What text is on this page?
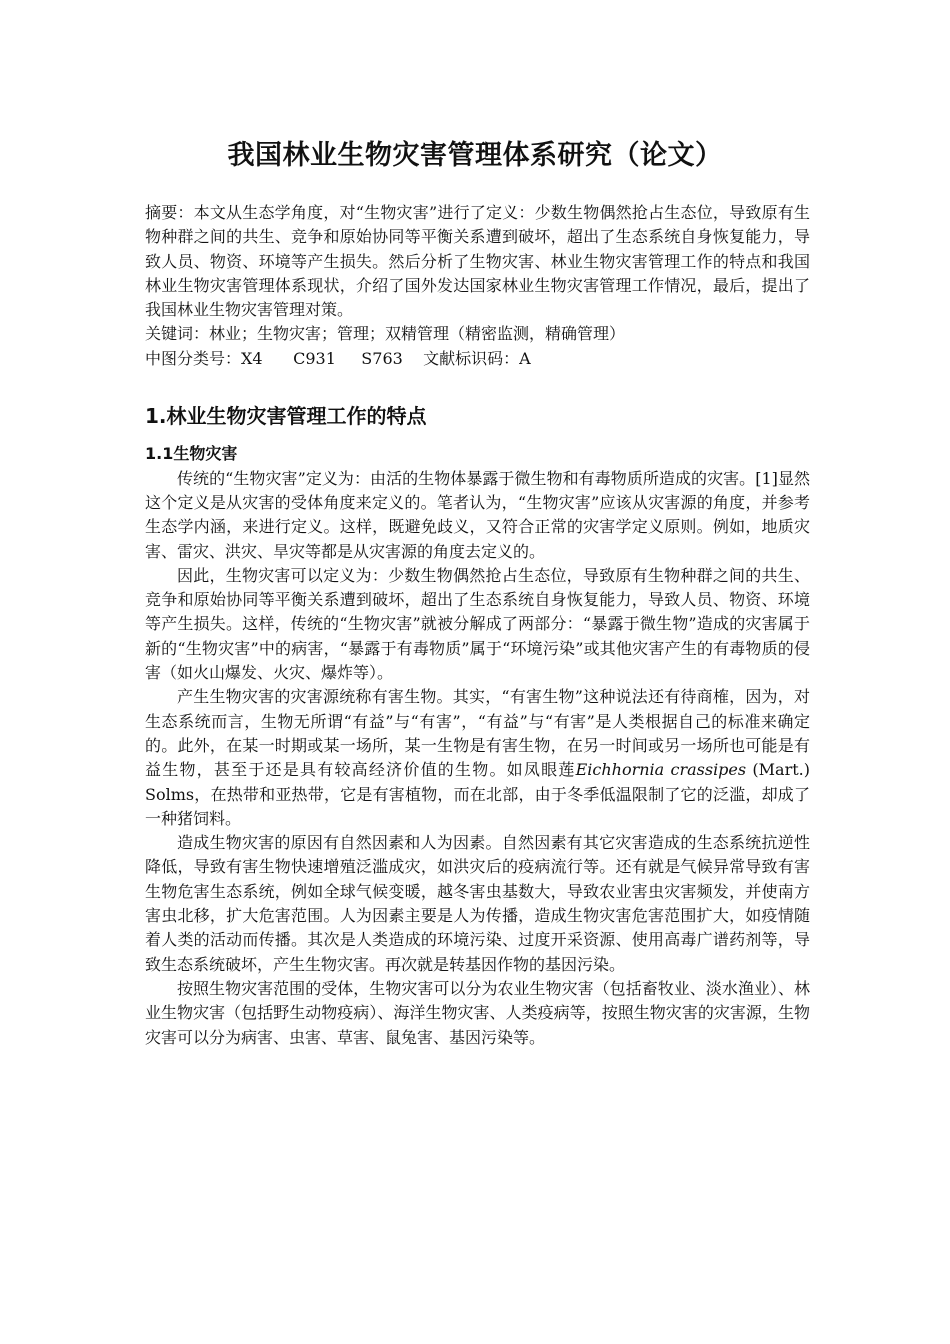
我国林业生物灾害管理体系研究（论文）
摘要：本文从生态学角度，对“生物灾害”进行了定义：少数生物偶然抢占生态位，导致原有生物种群之间的共生、竞争和原始协同等平衡关系遭到破坏，超出了生态系统自身恢复能力，导致人员、物资、环境等产生损失。然后分析了生物灾害、林业生物灾害管理工作的特点和我国林业生物灾害管理体系现状，介绍了国外发达国家林业生物灾害管理工作情况，最后，提出了我国林业生物灾害管理对策。
关键词：林业；生物灾害；管理；双精管理（精密监测，精确管理）
中图分类号：X4      C931     S763    文献标识码：A
1.林业生物灾害管理工作的特点
1.1生物灾害
传统的“生物灾害”定义为：由活的生物体暴露于微生物和有毒物质所造成的灾害。[1]显然这个定义是从灾害的受体角度来定义的。笔者认为，“生物灾害”应该从灾害源的角度，并参考生态学内涵，来进行定义。这样，既避免歧义，又符合正常的灾害学定义原则。例如，地质灾害、雷灾、洪灾、旱灾等都是从灾害源的角度去定义的。
因此，生物灾害可以定义为：少数生物偶然抢占生态位，导致原有生物种群之间的共生、竞争和原始协同等平衡关系遭到破坏，超出了生态系统自身恢复能力，导致人员、物资、环境等产生损失。这样，传统的“生物灾害”就被分解成了两部分：“暴露于微生物”造成的灾害属于新的“生物灾害”中的病害，“暴露于有毒物质”属于“环境污染”或其他灾害产生的有毒物质的侵害（如火山爆发、火灾、爆炸等）。
产生生物灾害的灾害源统称有害生物。其实，“有害生物”这种说法还有待商榷，因为，对生态系统而言，生物无所谓“有益”与“有害”，“有益”与“有害”是人类根据自己的标准来确定的。此外，在某一时期或某一场所，某一生物是有害生物，在另一时间或另一场所也可能是有益生物，甚至于还是具有较高经济价值的生物。如凤眼莲Eichhornia crassipes (Mart.) Solms，在热带和亚热带，它是有害植物，而在北部，由于冬季低温限制了它的泛滥，却成了一种猪饲料。
造成生物灾害的原因有自然因素和人为因素。自然因素有其它灾害造成的生态系统抗逆性降低，导致有害生物快速增殖泛滥成灾，如洪灾后的疫病流行等。还有就是气候异常导致有害生物危害生态系统，例如全球气候变暖，越冬害虫基数大，导致农业害虫灾害频发，并使南方害虫北移，扩大危害范围。人为因素主要是人为传播，造成生物灾害危害范围扩大，如疫情随着人类的活动而传播。其次是人类造成的环境污染、过度开采资源、使用高毒广谱药剂等，导致生态系统破坏，产生生物灾害。再次就是转基因作物的基因污染。
按照生物灾害范围的受体，生物灾害可以分为农业生物灾害（包括畜牧业、淡水渔业）、林业生物灾害（包括野生动物疫病）、海洋生物灾害、人类疫病等，按照生物灾害的灾害源，生物灾害可以分为病害、虫害、草害、鼠兔害、基因污染等。
